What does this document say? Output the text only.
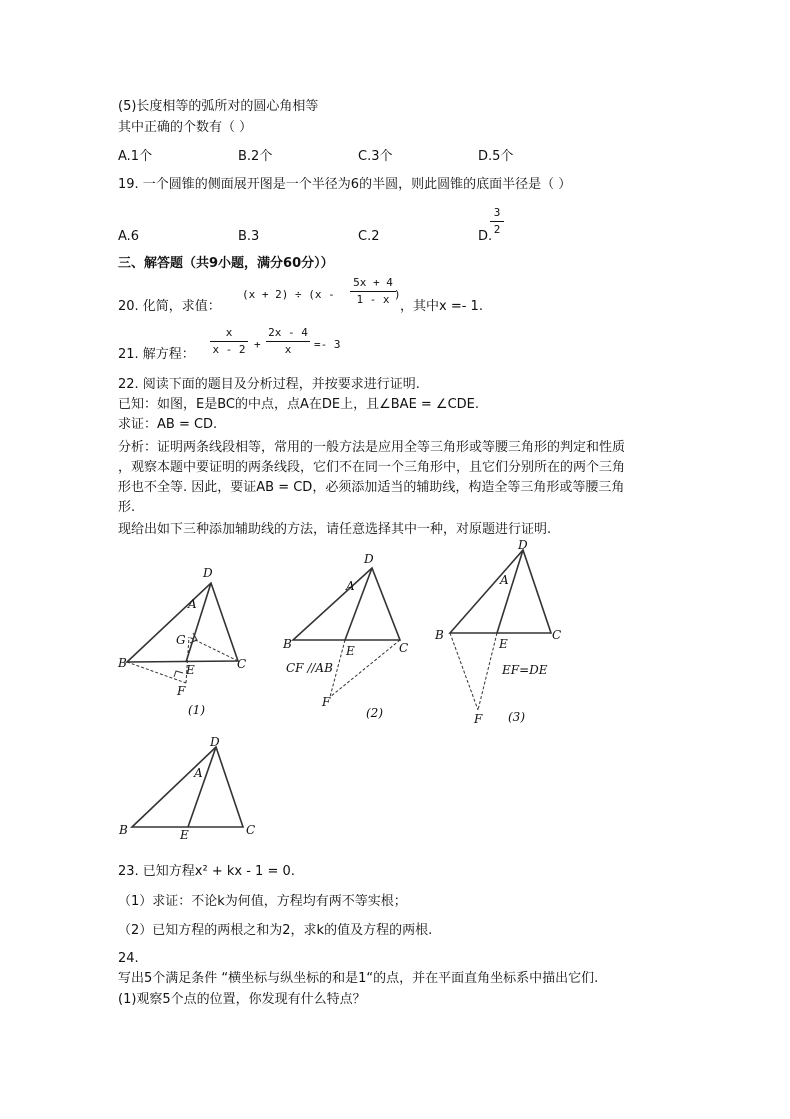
(5)长度相等的弧所对的圆心角相等
其中正确的个数有（ ）
A.1个	B.2个	C.3个	D.5个
19. 一个圆锥的侧面展开图是一个半径为6的半圆，则此圆锥的底面半径是（ ）
A.6	B.3	C.2	D.
3
2
三、解答题（共9小题，满分60分））
20. 化简，求值：
(x + 2) ÷ (x -
5x + 4
1 - x )
，其中x =- 1.
21. 解方程：
x
x - 2 +
2x - 4
x	=- 3
22. 阅读下面的题目及分析过程，并按要求进行证明.
已知：如图，E是BC的中点，点A在DE上，且∠BAE = ∠CDE.
求证：AB = CD.
分析：证明两条线段相等，常用的一般方法是应用全等三角形或等腰三角形的判定和性质
，观察本题中要证明的两条线段，它们不在同一个三角形中，且它们分别所在的两个三角
形也不全等. 因此，要证AB = CD，必须添加适当的辅助线，构造全等三角形或等腰三角
形.
现给出如下三种添加辅助线的方法，请任意选择其中一种，对原题进行证明.
D
A
G
B	E	C
F
(1)
D
A
B	E	C
CF //AB
F
(2)
D
A
B
E
C
EF=DE
F (3)
D
A
B	E	C
23. 已知方程x² + kx - 1 = 0.
（1）求证：不论k为何值，方程均有两不等实根；
（2）已知方程的两根之和为2，求k的值及方程的两根.
24.
写出5个满足条件 “横坐标与纵坐标的和是1“的点，并在平面直角坐标系中描出它们.
(1)观察5个点的位置，你发现有什么特点？
